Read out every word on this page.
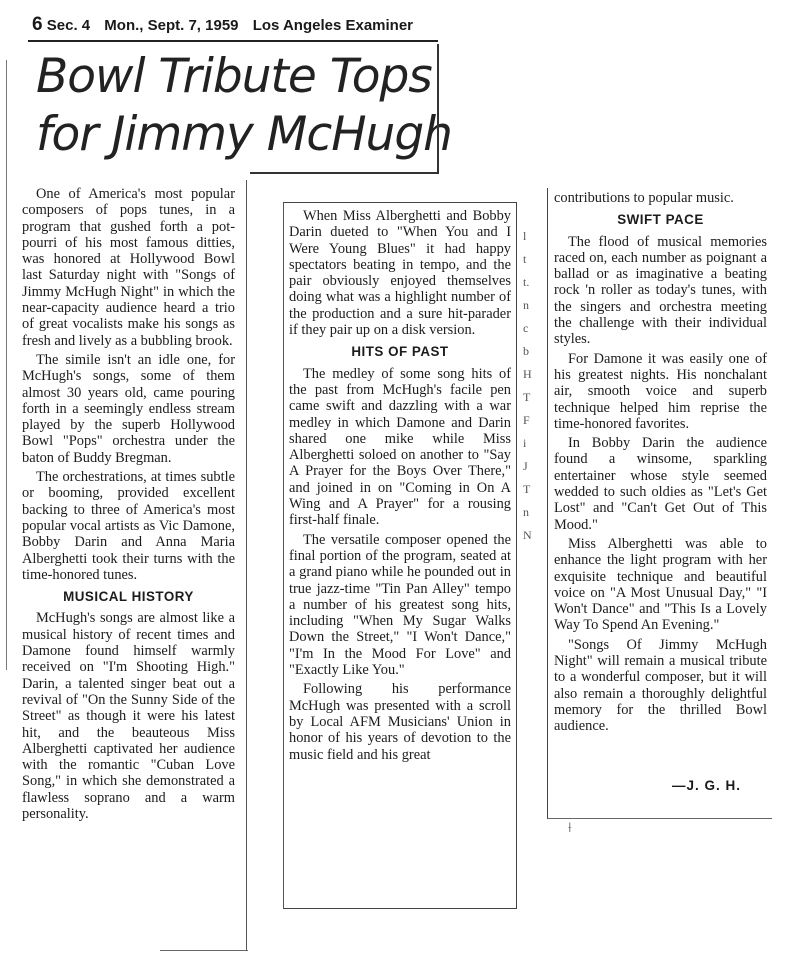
6 Sec. 4 Mon., Sept. 7, 1959 Los Angeles Examiner
Bowl Tribute Tops
for Jimmy McHugh

One of America's most popular composers of pops tunes, in a program that gushed forth a pot-pourri of his most famous ditties, was honored at Hollywood Bowl last Saturday night with "Songs of Jimmy McHugh Night" in which the near-capacity audience heard a trio of great vocalists make his songs as fresh and lively as a bubbling brook.

The simile isn't an idle one, for McHugh's songs, some of them almost 30 years old, came pouring forth in a seemingly endless stream played by the superb Hollywood Bowl "Pops" orchestra under the baton of Buddy Bregman.

The orchestrations, at times subtle or booming, provided excellent backing to three of America's most popular vocal artists as Vic Damone, Bobby Darin and Anna Maria Alberghetti took their turns with the time-honored tunes.

MUSICAL HISTORY

McHugh's songs are almost like a musical history of recent times and Damone found himself warmly received on "I'm Shooting High." Darin, a talented singer beat out a revival of "On the Sunny Side of the Street" as though it were his latest hit, and the beauteous Miss Alberghetti captivated her audience with the romantic "Cuban Love Song," in which she demonstrated a flawless soprano and a warm personality.

When Miss Alberghetti and Bobby Darin dueted to "When You and I Were Young Blues" it had happy spectators beating in tempo, and the pair obviously enjoyed themselves doing what was a highlight number of the production and a sure hit-parader if they pair up on a disk version.

HITS OF PAST

The medley of some song hits of the past from McHugh's facile pen came swift and dazzling with a war medley in which Damone and Darin shared one mike while Miss Alberghetti soloed on another to "Say A Prayer for the Boys Over There," and joined in on "Coming in On A Wing and A Prayer" for a rousing first-half finale.

The versatile composer opened the final portion of the program, seated at a grand piano while he pounded out in true jazz-time "Tin Pan Alley" tempo a number of his greatest song hits, including "When My Sugar Walks Down the Street," "I Won't Dance," "I'm In the Mood For Love" and "Exactly Like You."

Following his performance McHugh was presented with a scroll by Local AFM Musicians' Union in honor of his years of devotion to the music field and his great

l
t
t.
n
c
b
H
T
F
i
J
T
n
N

contributions to popular music.

SWIFT PACE

The flood of musical memories raced on, each number as poignant a ballad or as imaginative a beating rock 'n roller as today's tunes, with the singers and orchestra meeting the challenge with their individual styles.

For Damone it was easily one of his greatest nights. His nonchalant air, smooth voice and superb technique helped him reprise the time-honored favorites.

In Bobby Darin the audience found a winsome, sparkling entertainer whose style seemed wedded to such oldies as "Let's Get Lost" and "Can't Get Out of This Mood."

Miss Alberghetti was able to enhance the light program with her exquisite technique and beautiful voice on "A Most Unusual Day," "I Won't Dance" and "This Is a Lovely Way To Spend An Evening."

"Songs Of Jimmy McHugh Night" will remain a musical tribute to a wonderful composer, but it will also remain a thoroughly delightful memory for the thrilled Bowl audience.

—J. G. H.
⟊
